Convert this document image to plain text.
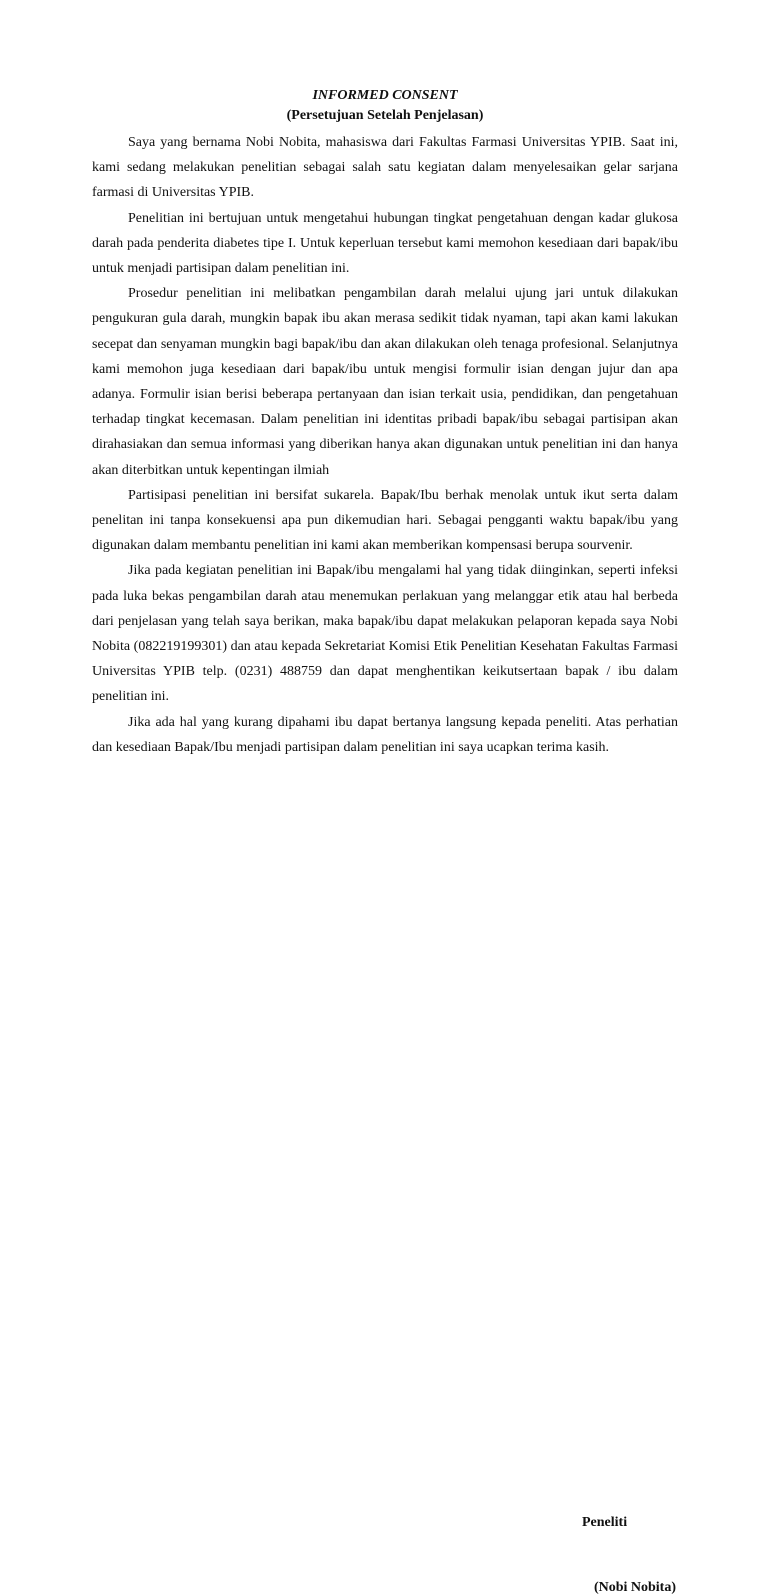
INFORMED CONSENT

(Persetujuan Setelah Penjelasan)

Saya yang bernama Nobi Nobita, mahasiswa dari Fakultas Farmasi Universitas YPIB. Saat ini, kami sedang melakukan penelitian sebagai salah satu kegiatan dalam menyelesaikan gelar sarjana farmasi di Universitas YPIB.

Penelitian ini bertujuan untuk mengetahui hubungan tingkat pengetahuan dengan kadar glukosa darah pada penderita diabetes tipe I. Untuk keperluan tersebut kami memohon kesediaan dari bapak/ibu untuk menjadi partisipan dalam penelitian ini.

Prosedur penelitian ini melibatkan pengambilan darah melalui ujung jari untuk dilakukan pengukuran gula darah, mungkin bapak ibu akan merasa sedikit tidak nyaman, tapi akan kami lakukan secepat dan senyaman mungkin bagi bapak/ibu dan akan dilakukan oleh tenaga profesional. Selanjutnya kami memohon juga kesediaan dari bapak/ibu untuk mengisi formulir isian dengan jujur dan apa adanya. Formulir isian berisi beberapa pertanyaan dan isian terkait usia, pendidikan, dan pengetahuan terhadap tingkat kecemasan. Dalam penelitian ini identitas pribadi bapak/ibu sebagai partisipan akan dirahasiakan dan semua informasi yang diberikan hanya akan digunakan untuk penelitian ini dan hanya akan diterbitkan untuk kepentingan ilmiah

Partisipasi penelitian ini bersifat sukarela. Bapak/Ibu berhak menolak untuk ikut serta dalam penelitan ini tanpa konsekuensi apa pun dikemudian hari. Sebagai pengganti waktu bapak/ibu yang digunakan dalam membantu penelitian ini kami akan memberikan kompensasi berupa sourvenir.

Jika pada kegiatan penelitian ini Bapak/ibu mengalami hal yang tidak diinginkan, seperti infeksi pada luka bekas pengambilan darah atau menemukan perlakuan yang melanggar etik atau hal berbeda dari penjelasan yang telah saya berikan, maka bapak/ibu dapat melakukan pelaporan kepada saya Nobi Nobita (082219199301) dan atau kepada Sekretariat Komisi Etik Penelitian Kesehatan Fakultas Farmasi Universitas YPIB telp. (0231) 488759 dan dapat menghentikan keikutsertaan bapak / ibu dalam penelitian ini.

Jika ada hal yang kurang dipahami ibu dapat bertanya langsung kepada peneliti. Atas perhatian dan kesediaan Bapak/Ibu menjadi partisipan dalam penelitian ini saya ucapkan terima kasih.

Peneliti

(Nobi Nobita)
